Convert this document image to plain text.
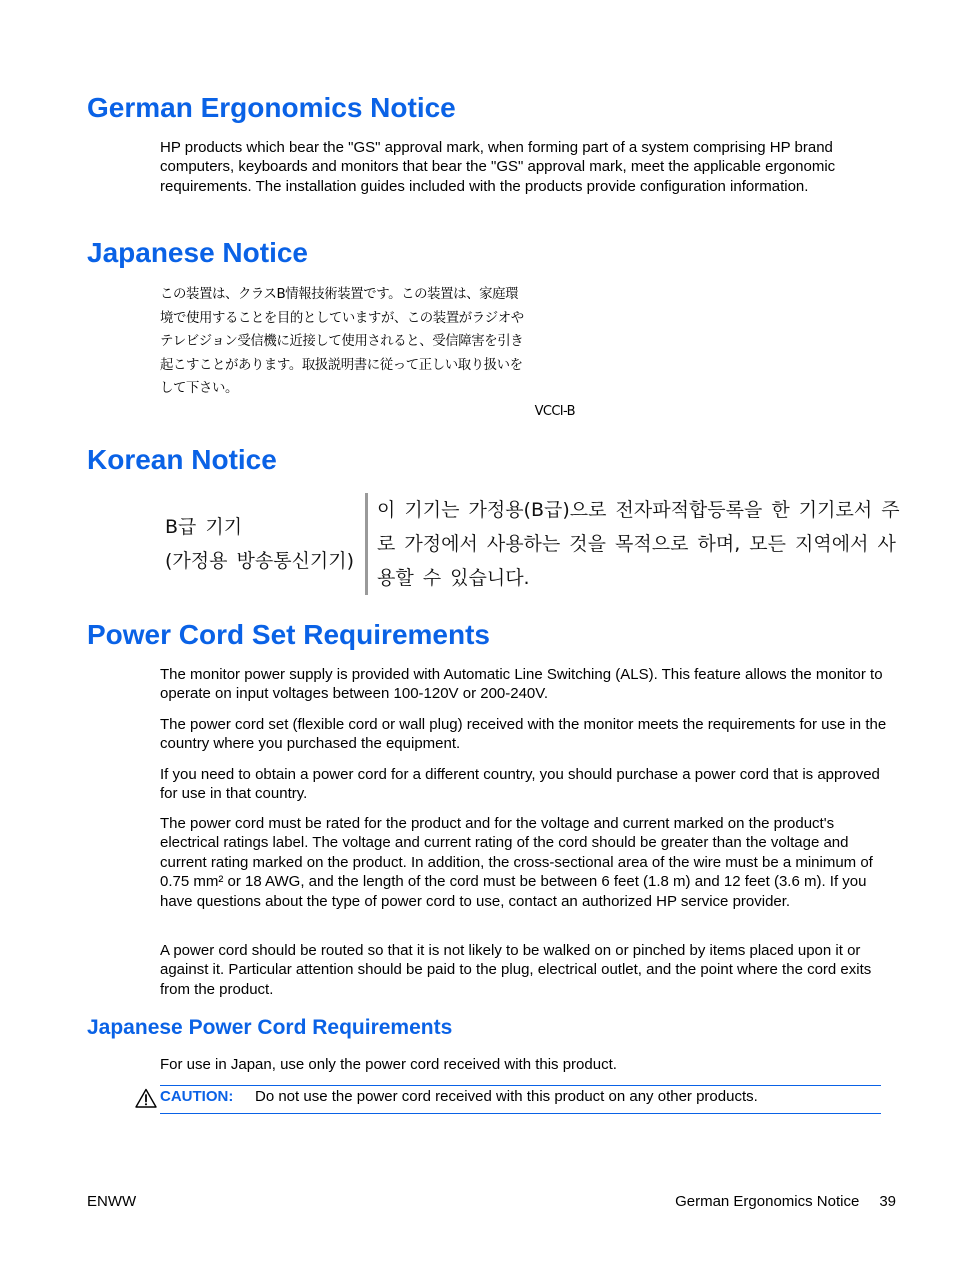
German Ergonomics Notice

HP products which bear the "GS" approval mark, when forming part of a system comprising HP brand computers, keyboards and monitors that bear the "GS" approval mark, meet the applicable ergonomic requirements. The installation guides included with the products provide configuration information.

Japanese Notice
この装置は、クラスB情報技術装置です。この装置は、家庭環
境で使用することを目的としていますが、この装置がラジオや
テレビジョン受信機に近接して使用されると、受信障害を引き
起こすことがあります。取扱説明書に従って正しい取り扱いを
して下さい。
VCCI-B
Korean Notice
B급 기기
(가정용 방송통신기기)
이 기기는 가정용(B급)으로 전자파적합등록을 한 기기로서 주
로 가정에서 사용하는 것을 목적으로 하며, 모든 지역에서 사
용할 수 있습니다.
Power Cord Set Requirements

The monitor power supply is provided with Automatic Line Switching (ALS). This feature allows the monitor to operate on input voltages between 100-120V or 200-240V.

The power cord set (flexible cord or wall plug) received with the monitor meets the requirements for use in the country where you purchased the equipment.

If you need to obtain a power cord for a different country, you should purchase a power cord that is approved for use in that country.

The power cord must be rated for the product and for the voltage and current marked on the product's electrical ratings label. The voltage and current rating of the cord should be greater than the voltage and current rating marked on the product. In addition, the cross-sectional area of the wire must be a minimum of 0.75 mm² or 18 AWG, and the length of the cord must be between 6 feet (1.8 m) and 12 feet (3.6 m). If you have questions about the type of power cord to use, contact an authorized HP service provider.

A power cord should be routed so that it is not likely to be walked on or pinched by items placed upon it or against it. Particular attention should be paid to the plug, electrical outlet, and the point where the cord exits from the product.

Japanese Power Cord Requirements

For use in Japan, use only the power cord received with this product.

CAUTION: Do not use the power cord received with this product on any other products.
ENWW	German Ergonomics Notice 39
